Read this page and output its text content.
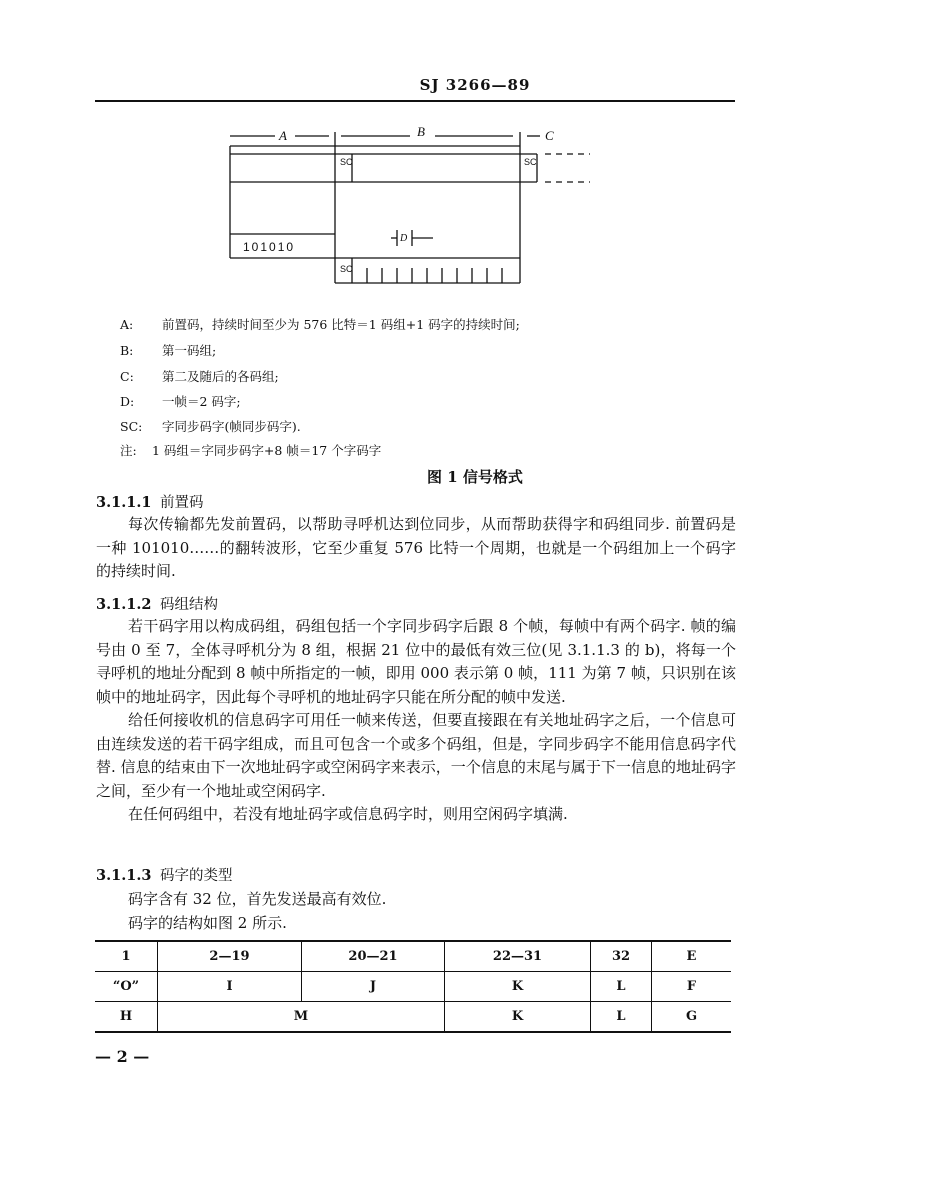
SJ 3266—89
A	B	C
D
SC	SC
SC
101010
A: 前置码，持续时间至少为 576 比特＝1 码组+1 码字的持续时间;
B: 第一码组;
C: 第二及随后的各码组;
D: 一帧＝2 码字;
SC: 字同步码字(帧同步码字).
注: 1 码组＝字同步码字+8 帧＝17 个字码字
图 1 信号格式
3.1.1.1 前置码

每次传输都先发前置码，以帮助寻呼机达到位同步，从而帮助获得字和码组同步. 前置码是一种 101010……的翻转波形，它至少重复 576 比特一个周期，也就是一个码组加上一个码字的持续时间.

3.1.1.2 码组结构

若干码字用以构成码组，码组包括一个字同步码字后跟 8 个帧，每帧中有两个码字. 帧的编号由 0 至 7，全体寻呼机分为 8 组，根据 21 位中的最低有效三位(见 3.1.1.3 的 b)，将每一个寻呼机的地址分配到 8 帧中所指定的一帧，即用 000 表示第 0 帧，111 为第 7 帧，只识别在该帧中的地址码字，因此每个寻呼机的地址码字只能在所分配的帧中发送.

给任何接收机的信息码字可用任一帧来传送，但要直接跟在有关地址码字之后，一个信息可由连续发送的若干码字组成，而且可包含一个或多个码组，但是，字同步码字不能用信息码字代替. 信息的结束由下一次地址码字或空闲码字来表示，一个信息的末尾与属于下一信息的地址码字之间，至少有一个地址或空闲码字.

在任何码组中，若没有地址码字或信息码字时，则用空闲码字填满.

3.1.1.3 码字的类型

码字含有 32 位，首先发送最高有效位.

码字的结构如图 2 所示.

1	2—19	20—21	22—31	32	E
“O”	I	J	K	L	F
H	M		K	L	G
— 2 —
